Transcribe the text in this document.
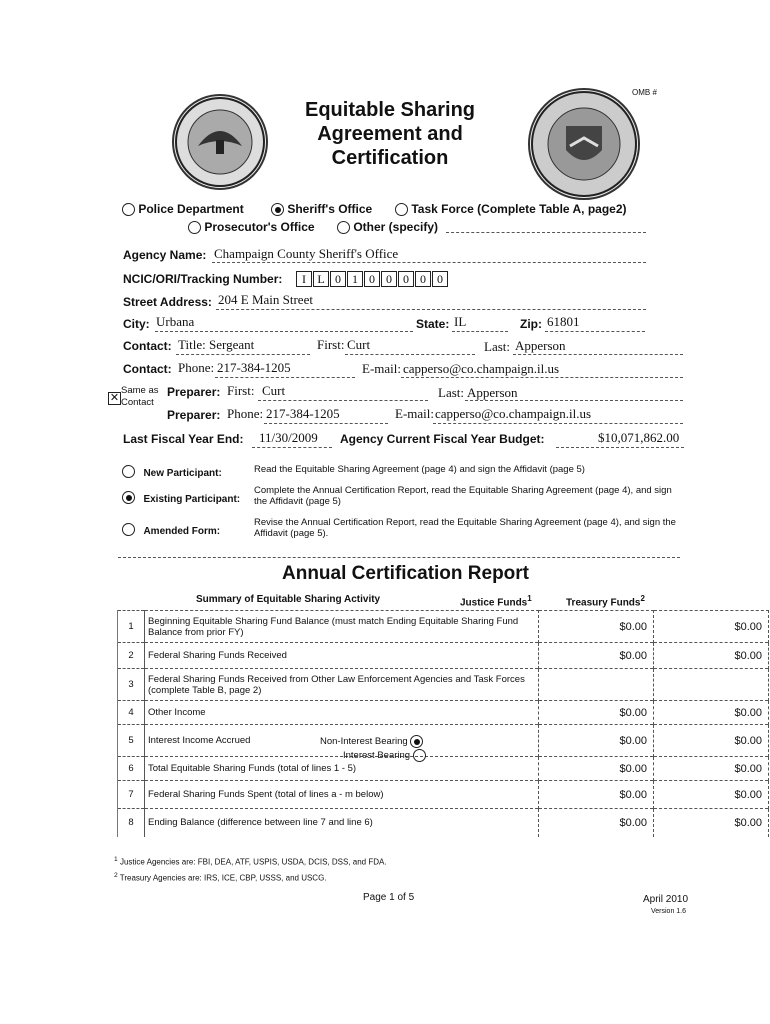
OMB #
Equitable Sharing
Agreement and
Certification
Police Department	Sheriff's Office	Task Force (Complete Table A, page2)
Prosecutor's Office	Other (specify)
Agency Name: Champaign County Sheriff's Office
NCIC/ORI/Tracking Number:	I L 0 1 0 0 0 0 0
Street Address: 204 E Main Street
City: Urbana	State: IL	Zip: 61801
Contact: Title: Sergeant	First: Curt	Last: Apperson
Contact: Phone: 217-384-1205	E-mail: capperso@co.champaign.il.us
✕
Same as
Contact
Preparer: First: Curt	Last: Apperson
Preparer: Phone: 217-384-1205	E-mail: capperso@co.champaign.il.us
Last Fiscal Year End: 11/30/2009 Agency Current Fiscal Year Budget:	$10,071,862.00
New Participant:	Read the Equitable Sharing Agreement (page 4) and sign the Affidavit (page 5)
Existing Participant:
Complete the Annual Certification Report, read the Equitable Sharing Agreement (page 4), and sign the Affidavit (page 5)
Amended Form:
Revise the Annual Certification Report, read the Equitable Sharing Agreement (page 4), and sign the Affidavit (page 5).
Annual Certification Report
Summary of Equitable Sharing Activity	Justice Funds$^1$	Treasury Funds$^2$
1	Beginning Equitable Sharing Fund Balance (must match Ending Equitable Sharing Fund Balance from prior FY)	$0.00	$0.00
2	Federal Sharing Funds Received	$0.00	$0.00
3	Federal Sharing Funds Received from Other Law Enforcement Agencies and Task Forces (complete Table B, page 2)		
4	Other Income	$0.00	$0.00
5	Interest Income Accrued	$0.00	$0.00
6	Total Equitable Sharing Funds (total of lines 1 - 5)	$0.00	$0.00
7	Federal Sharing Funds Spent (total of lines a - m below)	$0.00	$0.00
8	Ending Balance (difference between line 7 and line 6)	$0.00	$0.00
Non-Interest Bearing
Interest Bearing
$^1$ Justice Agencies are: FBI, DEA, ATF, USPIS, USDA, DCIS, DSS, and FDA.
$^2$ Treasury Agencies are: IRS, ICE, CBP, USSS, and USCG.
Page 1 of 5	April 2010
Version 1.6
